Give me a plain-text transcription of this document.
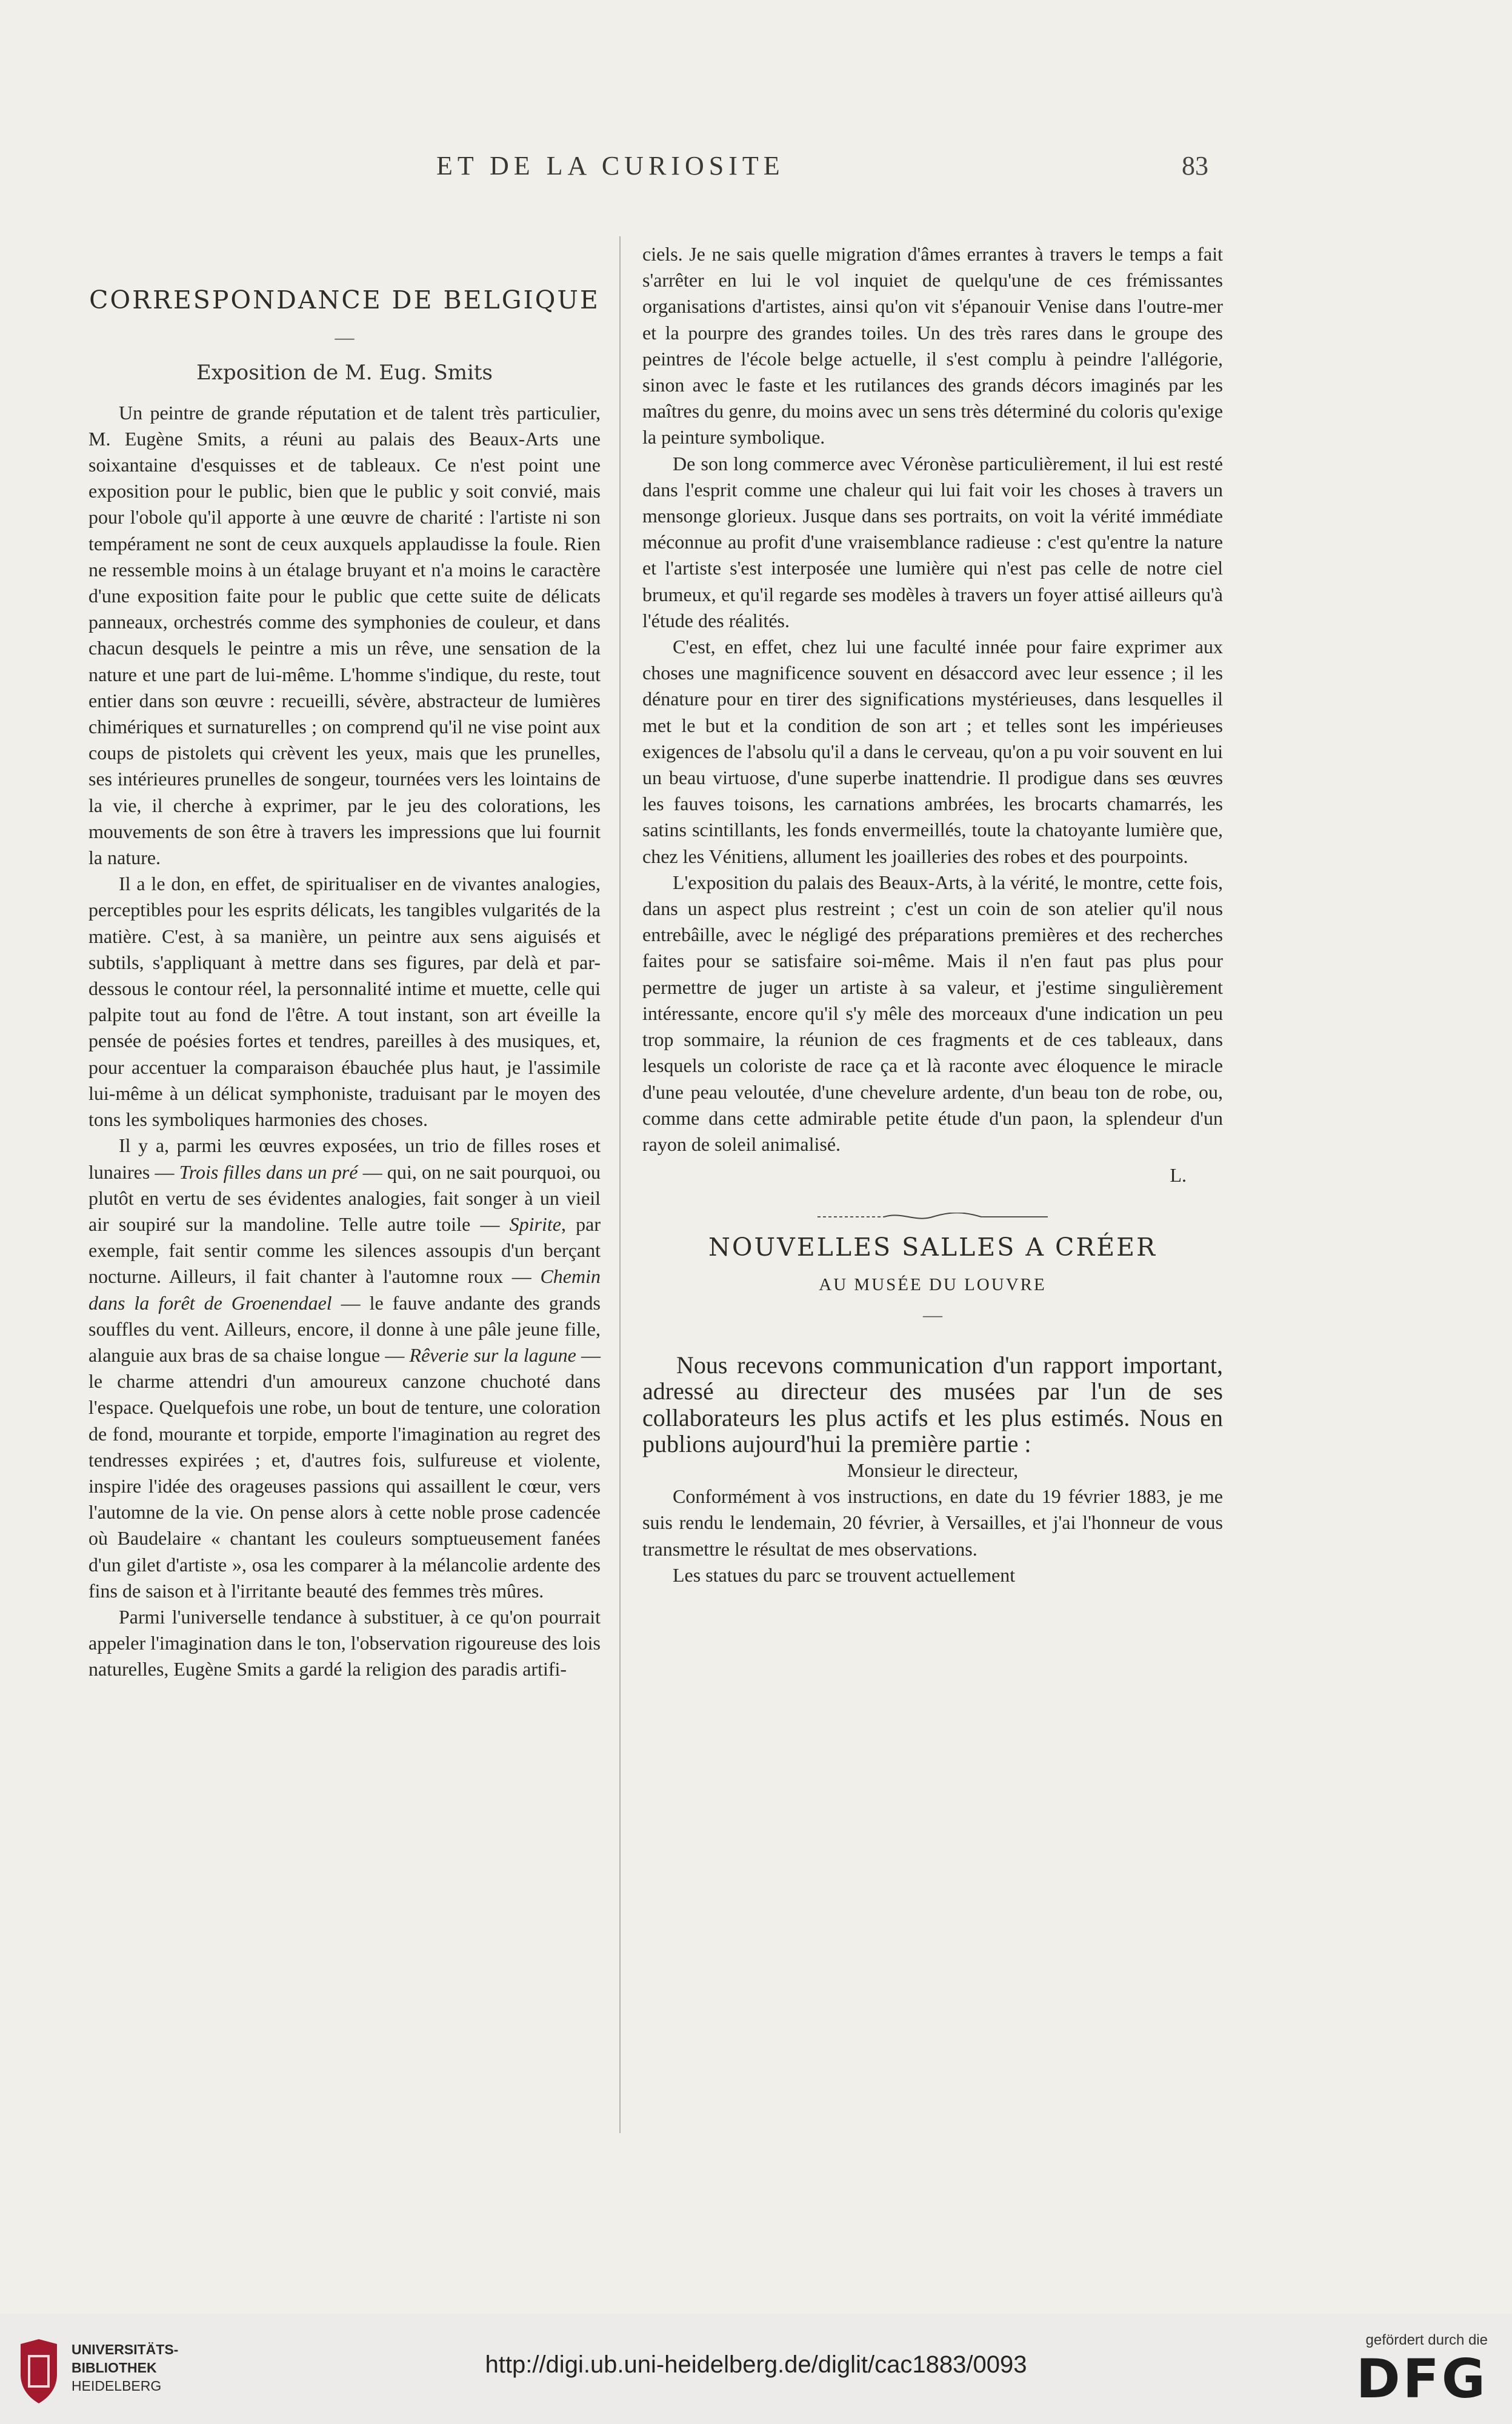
ET DE LA CURIOSITE	83
CORRESPONDANCE DE BELGIQUE
—
Exposition de M. Eug. Smits

Un peintre de grande réputation et de talent très particulier, M. Eugène Smits, a réuni au palais des Beaux-Arts une soixantaine d'esquisses et de tableaux. Ce n'est point une exposition pour le public, bien que le public y soit convié, mais pour l'obole qu'il apporte à une œuvre de charité : l'artiste ni son tempérament ne sont de ceux auxquels applaudisse la foule. Rien ne ressemble moins à un étalage bruyant et n'a moins le caractère d'une exposition faite pour le public que cette suite de délicats panneaux, orchestrés comme des symphonies de couleur, et dans chacun desquels le peintre a mis un rêve, une sensation de la nature et une part de lui-même. L'homme s'indique, du reste, tout entier dans son œuvre : recueilli, sévère, abstracteur de lumières chimériques et surnaturelles ; on comprend qu'il ne vise point aux coups de pistolets qui crèvent les yeux, mais que les prunelles, ses intérieures prunelles de songeur, tournées vers les lointains de la vie, il cherche à exprimer, par le jeu des colorations, les mouvements de son être à travers les impressions que lui fournit la nature.

Il a le don, en effet, de spiritualiser en de vivantes analogies, perceptibles pour les esprits délicats, les tangibles vulgarités de la matière. C'est, à sa manière, un peintre aux sens aiguisés et subtils, s'appliquant à mettre dans ses figures, par delà et par-dessous le contour réel, la personnalité intime et muette, celle qui palpite tout au fond de l'être. A tout instant, son art éveille la pensée de poésies fortes et tendres, pareilles à des musiques, et, pour accentuer la comparaison ébauchée plus haut, je l'assimile lui-même à un délicat symphoniste, traduisant par le moyen des tons les symboliques harmonies des choses.

Il y a, parmi les œuvres exposées, un trio de filles roses et lunaires — Trois filles dans un pré — qui, on ne sait pourquoi, ou plutôt en vertu de ses évidentes analogies, fait songer à un vieil air soupiré sur la mandoline. Telle autre toile — Spirite, par exemple, fait sentir comme les silences assoupis d'un berçant nocturne. Ailleurs, il fait chanter à l'automne roux — Chemin dans la forêt de Groenendael — le fauve andante des grands souffles du vent. Ailleurs, encore, il donne à une pâle jeune fille, alanguie aux bras de sa chaise longue — Rêverie sur la lagune — le charme attendri d'un amoureux canzone chuchoté dans l'espace. Quelquefois une robe, un bout de tenture, une coloration de fond, mourante et torpide, emporte l'imagination au regret des tendresses expirées ; et, d'autres fois, sulfureuse et violente, inspire l'idée des orageuses passions qui assaillent le cœur, vers l'automne de la vie. On pense alors à cette noble prose cadencée où Baudelaire « chantant les couleurs somptueusement fanées d'un gilet d'artiste », osa les comparer à la mélancolie ardente des fins de saison et à l'irritante beauté des femmes très mûres.

Parmi l'universelle tendance à substituer, à ce qu'on pourrait appeler l'imagination dans le ton, l'observation rigoureuse des lois naturelles, Eugène Smits a gardé la religion des paradis artifi-

ciels. Je ne sais quelle migration d'âmes errantes à travers le temps a fait s'arrêter en lui le vol inquiet de quelqu'une de ces frémissantes organisations d'artistes, ainsi qu'on vit s'épanouir Venise dans l'outre-mer et la pourpre des grandes toiles. Un des très rares dans le groupe des peintres de l'école belge actuelle, il s'est complu à peindre l'allégorie, sinon avec le faste et les rutilances des grands décors imaginés par les maîtres du genre, du moins avec un sens très déterminé du coloris qu'exige la peinture symbolique.

De son long commerce avec Véronèse particulièrement, il lui est resté dans l'esprit comme une chaleur qui lui fait voir les choses à travers un mensonge glorieux. Jusque dans ses portraits, on voit la vérité immédiate méconnue au profit d'une vraisemblance radieuse : c'est qu'entre la nature et l'artiste s'est interposée une lumière qui n'est pas celle de notre ciel brumeux, et qu'il regarde ses modèles à travers un foyer attisé ailleurs qu'à l'étude des réalités.

C'est, en effet, chez lui une faculté innée pour faire exprimer aux choses une magnificence souvent en désaccord avec leur essence ; il les dénature pour en tirer des significations mystérieuses, dans lesquelles il met le but et la condition de son art ; et telles sont les impérieuses exigences de l'absolu qu'il a dans le cerveau, qu'on a pu voir souvent en lui un beau virtuose, d'une superbe inattendrie. Il prodigue dans ses œuvres les fauves toisons, les carnations ambrées, les brocarts chamarrés, les satins scintillants, les fonds envermeillés, toute la chatoyante lumière que, chez les Vénitiens, allument les joailleries des robes et des pourpoints.

L'exposition du palais des Beaux-Arts, à la vérité, le montre, cette fois, dans un aspect plus restreint ; c'est un coin de son atelier qu'il nous entrebâille, avec le négligé des préparations premières et des recherches faites pour se satisfaire soi-même. Mais il n'en faut pas plus pour permettre de juger un artiste à sa valeur, et j'estime singulièrement intéressante, encore qu'il s'y mêle des morceaux d'une indication un peu trop sommaire, la réunion de ces fragments et de ces tableaux, dans lesquels un coloriste de race ça et là raconte avec éloquence le miracle d'une peau veloutée, d'une chevelure ardente, d'un beau ton de robe, ou, comme dans cette admirable petite étude d'un paon, la splendeur d'un rayon de soleil animalisé.

L.
NOUVELLES SALLES A CRÉER
AU MUSÉE DU LOUVRE
—

Nous recevons communication d'un rapport important, adressé au directeur des musées par l'un de ses collaborateurs les plus actifs et les plus estimés. Nous en publions aujourd'hui la première partie :

Monsieur le directeur,

Conformément à vos instructions, en date du 19 février 1883, je me suis rendu le lendemain, 20 février, à Versailles, et j'ai l'honneur de vous transmettre le résultat de mes observations.

Les statues du parc se trouvent actuellement

UNIVERSITÄTS-
BIBLIOTHEK
HEIDELBERG
http://digi.ub.uni-heidelberg.de/diglit/cac1883/0093
gefördert durch die
DFG
